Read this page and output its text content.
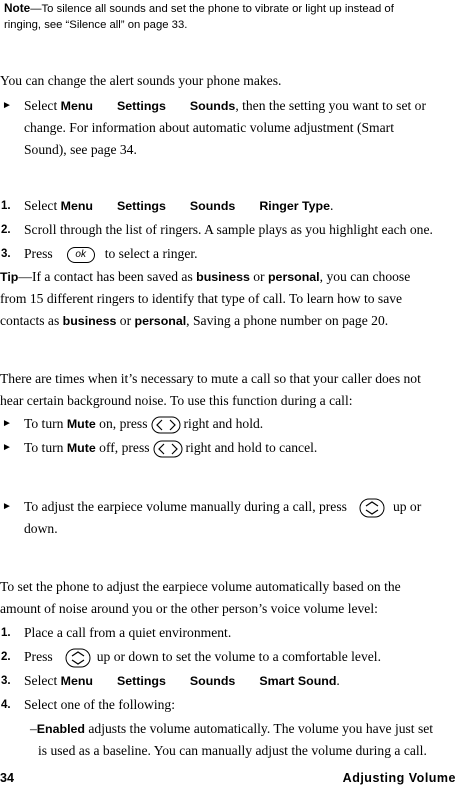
Note—To silence all sounds and set the phone to vibrate or light up instead of
ringing, see “Silence all” on page 33.
You can change the alert sounds your phone makes.
► Select Menu Settings Sounds, then the setting you want to set or
change. For information about automatic volume adjustment (Smart
Sound), see page 34.
1. Select Menu Settings Sounds Ringer Type.
2. Scroll through the list of ringers. A sample plays as you highlight each one.
3. Press ok to select a ringer.
Tip—If a contact has been saved as business or personal, you can choose
from 15 different ringers to identify that type of call. To learn how to save
contacts as business or personal, Saving a phone number on page 20.
There are times when it’s necessary to mute a call so that your caller does not
hear certain background noise. To use this function during a call:
► To turn Mute on, press	right and hold.
► To turn Mute off, press	right and hold to cancel.
► To adjust the earpiece volume manually during a call, press	up or
down.
To set the phone to adjust the earpiece volume automatically based on the
amount of noise around you or the other person’s voice volume level:
1. Place a call from a quiet environment.
2. Press	up or down to set the volume to a comfortable level.
3. Select Menu Settings Sounds Smart Sound.
4. Select one of the following:
–Enabled adjusts the volume automatically. The volume you have just set
is used as a baseline. You can manually adjust the volume during a call.
34	Adjusting Volume
